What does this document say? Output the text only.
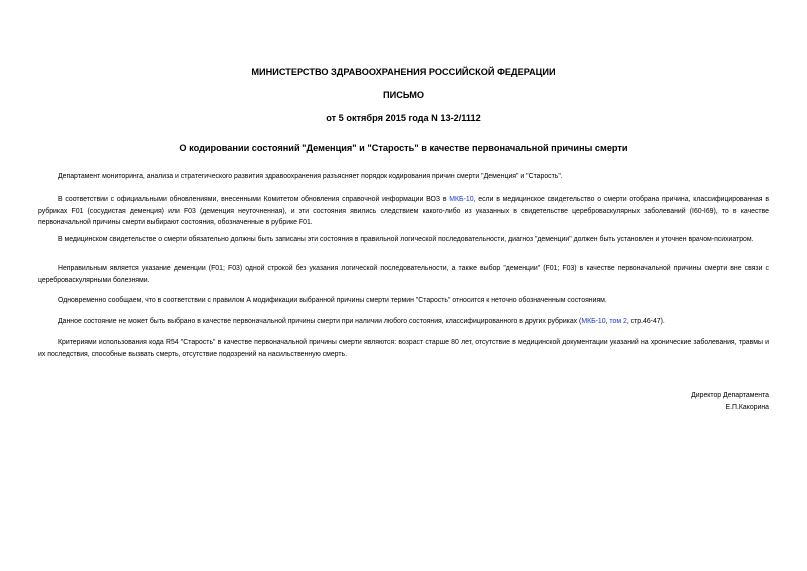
МИНИСТЕРСТВО ЗДРАВООХРАНЕНИЯ РОССИЙСКОЙ ФЕДЕРАЦИИ
ПИСЬМО
от 5 октября 2015 года N 13-2/1112
О кодировании состояний "Деменция" и "Старость" в качестве первоначальной причины смерти
Департамент мониторинга, анализа и стратегического развития здравоохранения разъясняет порядок кодирования причин смерти "Деменция" и "Старость".
В соответствии с официальными обновлениями, внесенными Комитетом обновления справочной информации ВОЗ в МКБ-10, если в медицинское свидетельство о смерти отобрана причина, классифицированная в рубриках F01 (сосудистая деменция) или F03 (деменция неуточненная), и эти состояния явились следствием какого-либо из указанных в свидетельстве цереброваскулярных заболеваний (I60-I69), то в качестве первоначальной причины смерти выбирают состояния, обозначенные в рубрике F01.
В медицинском свидетельстве о смерти обязательно должны быть записаны эти состояния в правильной логической последовательности, диагноз "деменции" должен быть установлен и уточнен врачом-психиатром.
Неправильным является указание деменции (F01; F03) одной строкой без указания логической последовательности, а также выбор "деменции" (F01; F03) в качестве первоначальной причины смерти вне связи с цереброваскулярными болезнями.
Одновременно сообщаем, что в соответствии с правилом А модификации выбранной причины смерти термин "Старость" относится к неточно обозначенным состояниям.
Данное состояние не может быть выбрано в качестве первоначальной причины смерти при наличии любого состояния, классифицированного в других рубриках (МКБ-10, том 2, стр.46-47).
Критериями использования кода R54 "Старость" в качестве первоначальной причины смерти являются: возраст старше 80 лет, отсутствие в медицинской документации указаний на хронические заболевания, травмы и их последствия, способные вызвать смерть, отсутствие подозрений на насильственную смерть.
Директор Департамента
Е.П.Какорина
